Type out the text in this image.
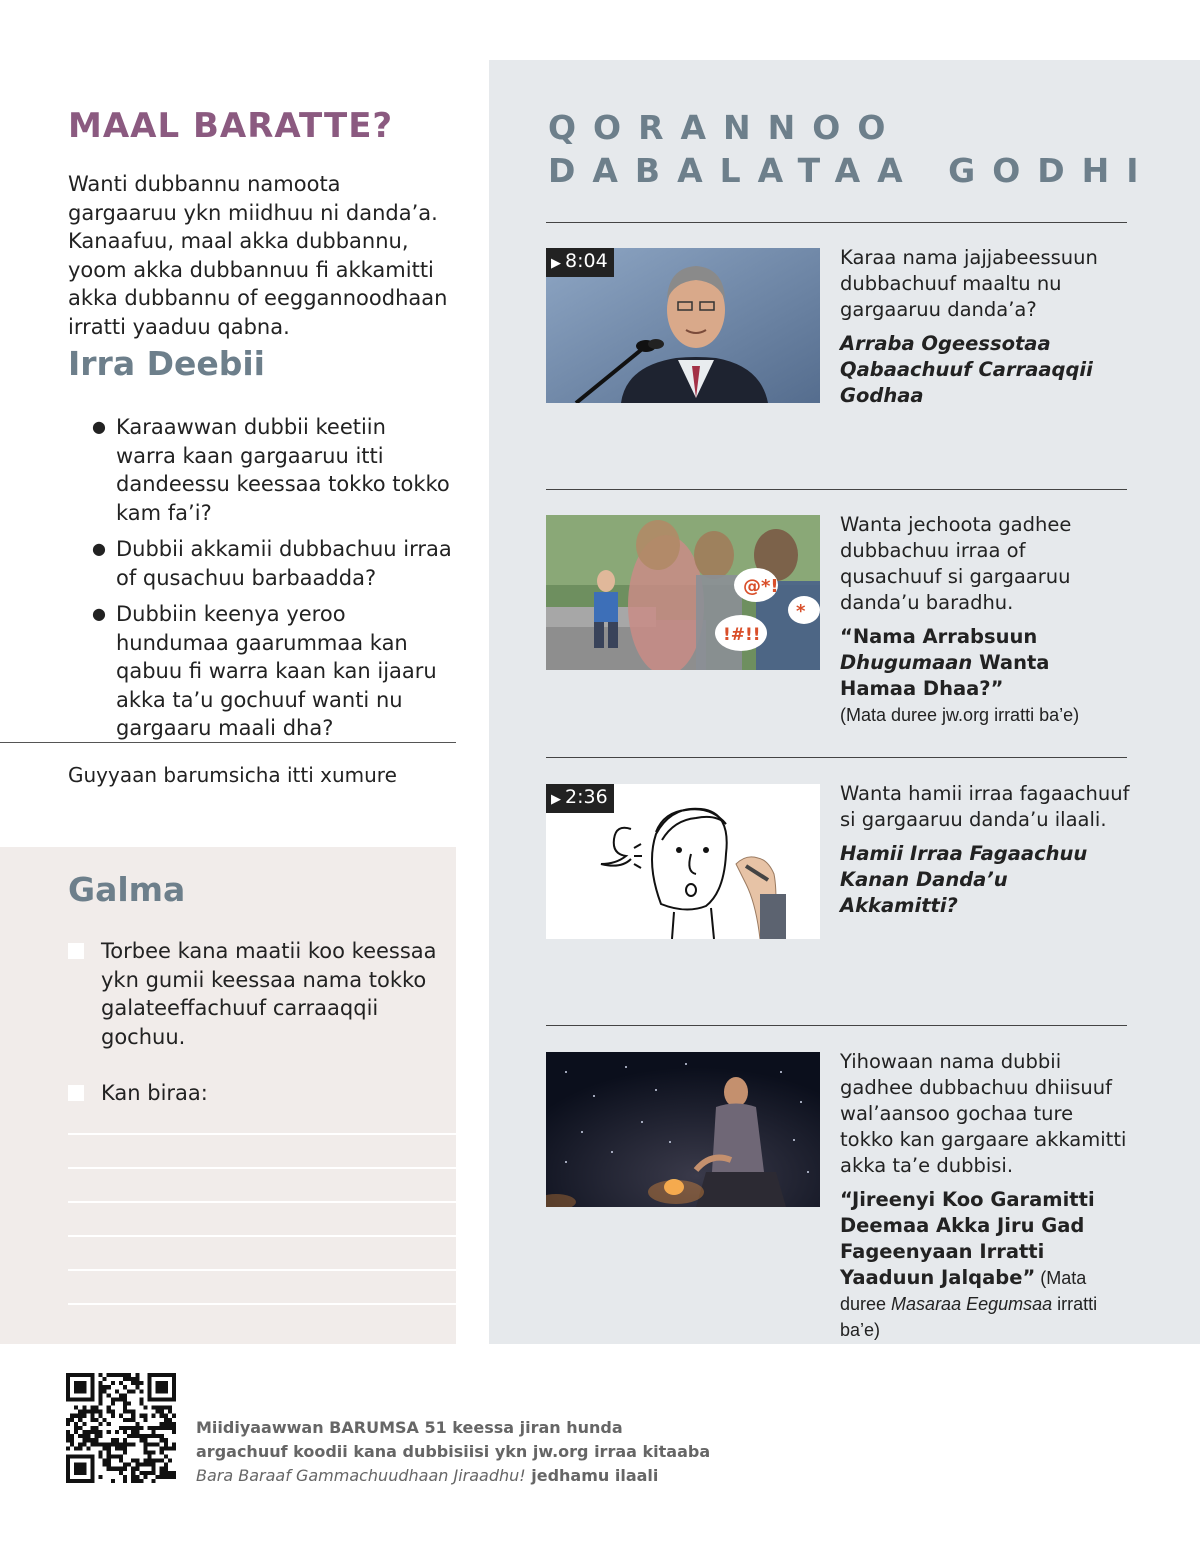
MAAL BARATTE?

Wanti dubbannu namoota gargaaruu ykn miidhuu ni danda’a. Kanaafuu, maal akka dubbannu, yoom akka dubbannuu fi akkamitti akka dubbannu of eeggannoodhaan irratti yaaduu qabna.

Irra Deebii
● Karaawwan dubbii keetiin warra kaan gargaaruu itti dandeessu keessaa tokko tokko kam fa’i?
● Dubbii akkamii dubbachuu irraa of qusachuu barbaadda?
● Dubbiin keenya yeroo hundumaa gaarummaa kan qabuu fi warra kaan kan ijaaru akka ta’u gochuuf wanti nu gargaaru maali dha?
Guyyaan barumsicha itti xumure
Galma
Torbee kana maatii koo keessaa ykn gumii keessaa nama tokko galateeffachuuf carraaqqii gochuu.
Kan biraa:
QORANNOO DABALATAA GODHI
▶ 8:04	Karaa nama jajjabeessuun dubbachuuf maaltu nu gargaaruu danda’a?
Arraba Ogeessotaa Qabaachuuf Carraaqqii Godhaa
@*!
!#!!
*
Wanta jechoota gadhee dubbachuu irraa of qusachuuf si gargaaruu danda’u baradhu.
“Nama Arrabsuun Dhugumaan Wanta Hamaa Dhaa?”
(Mata duree jw.org irratti ba’e)
▶ 2:36	Wanta hamii irraa fagaachuuf si gargaaruu danda’u ilaali.
Hamii Irraa Fagaachuu Kanan Danda’u Akkamitti?
Yihowaan nama dubbii gadhee dubbachuu dhiisuuf wal’aansoo gochaa ture tokko kan gargaare akkamitti akka ta’e dubbisi.
“Jireenyi Koo Garamitti Deemaa Akka Jiru Gad Fageenyaan Irratti Yaaduun Jalqabe” (Mata duree Masaraa Eegumsaa irratti ba’e)
Miidiyaawwan BARUMSA 51 keessa jiran hunda
argachuuf koodii kana dubbisiisi ykn jw.org irraa kitaaba
Bara Baraaf Gammachuudhaan Jiraadhu! jedhamu ilaali
